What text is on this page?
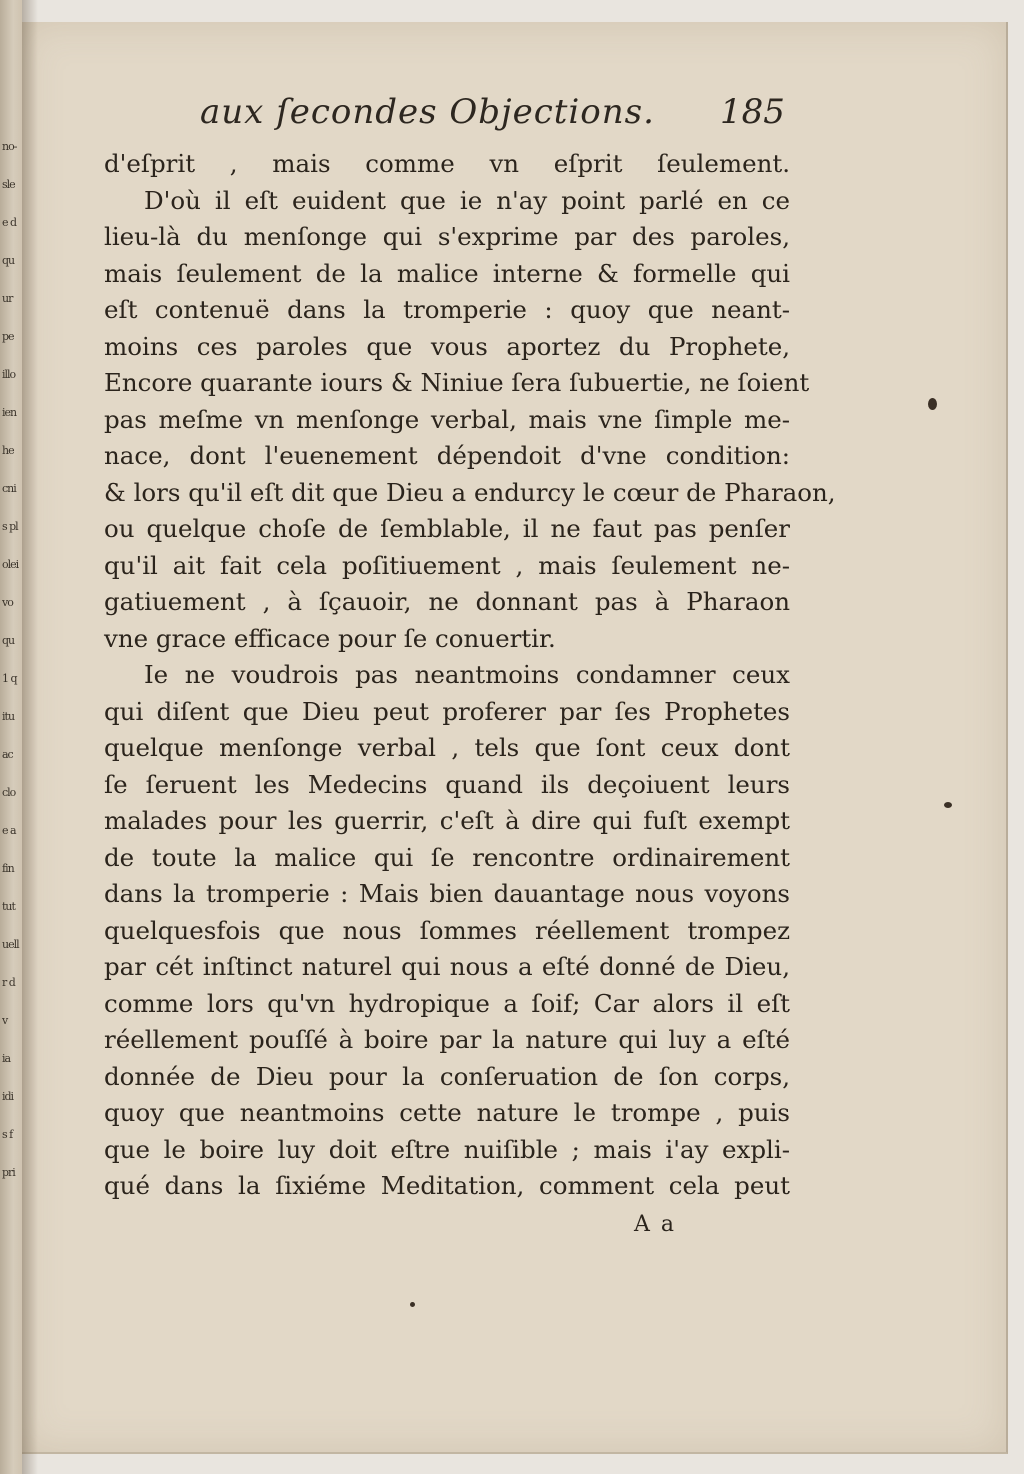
no-
sle
e d
qu
ur
pe
illo
ien
he
cni
s pl
olei
vo
qu
1 q
itu
ac
clo
e a
fin
tut
uell
r d
v
ia
idi
s f
pri
aux ſecondes Objections. 185
d'eſprit , mais comme vn eſprit ſeulement.
D'où il eſt euident que ie n'ay point parlé en ce
lieu-là du menſonge qui s'exprime par des paroles,
mais ſeulement de la malice interne & formelle qui
eſt contenuë dans la tromperie : quoy que neant-
moins ces paroles que vous aportez du Prophete,
Encore quarante iours & Niniue ſera ſubuertie, ne ſoient
pas meſme vn menſonge verbal, mais vne ſimple me-
nace, dont l'euenement dépendoit d'vne condition:
& lors qu'il eſt dit que Dieu a endurcy le cœur de Pharaon,
ou quelque choſe de ſemblable, il ne faut pas penſer
qu'il ait fait cela poſitiuement , mais ſeulement ne-
gatiuement , à ſçauoir, ne donnant pas à Pharaon
vne grace efficace pour ſe conuertir.
Ie ne voudrois pas neantmoins condamner ceux
qui diſent que Dieu peut proferer par ſes Prophetes
quelque menſonge verbal , tels que ſont ceux dont
ſe ſeruent les Medecins quand ils deçoiuent leurs
malades pour les guerrir, c'eſt à dire qui fuſt exempt
de toute la malice qui ſe rencontre ordinairement
dans la tromperie : Mais bien dauantage nous voyons
quelquesfois que nous ſommes réellement trompez
par cét inſtinct naturel qui nous a eſté donné de Dieu,
comme lors qu'vn hydropique a ſoif; Car alors il eſt
réellement pouſſé à boire par la nature qui luy a eſté
donnée de Dieu pour la conſeruation de ſon corps,
quoy que neantmoins cette nature le trompe , puis
que le boire luy doit eſtre nuiſible ; mais i'ay expli-
qué dans la ſixiéme Meditation, comment cela peut
A a
